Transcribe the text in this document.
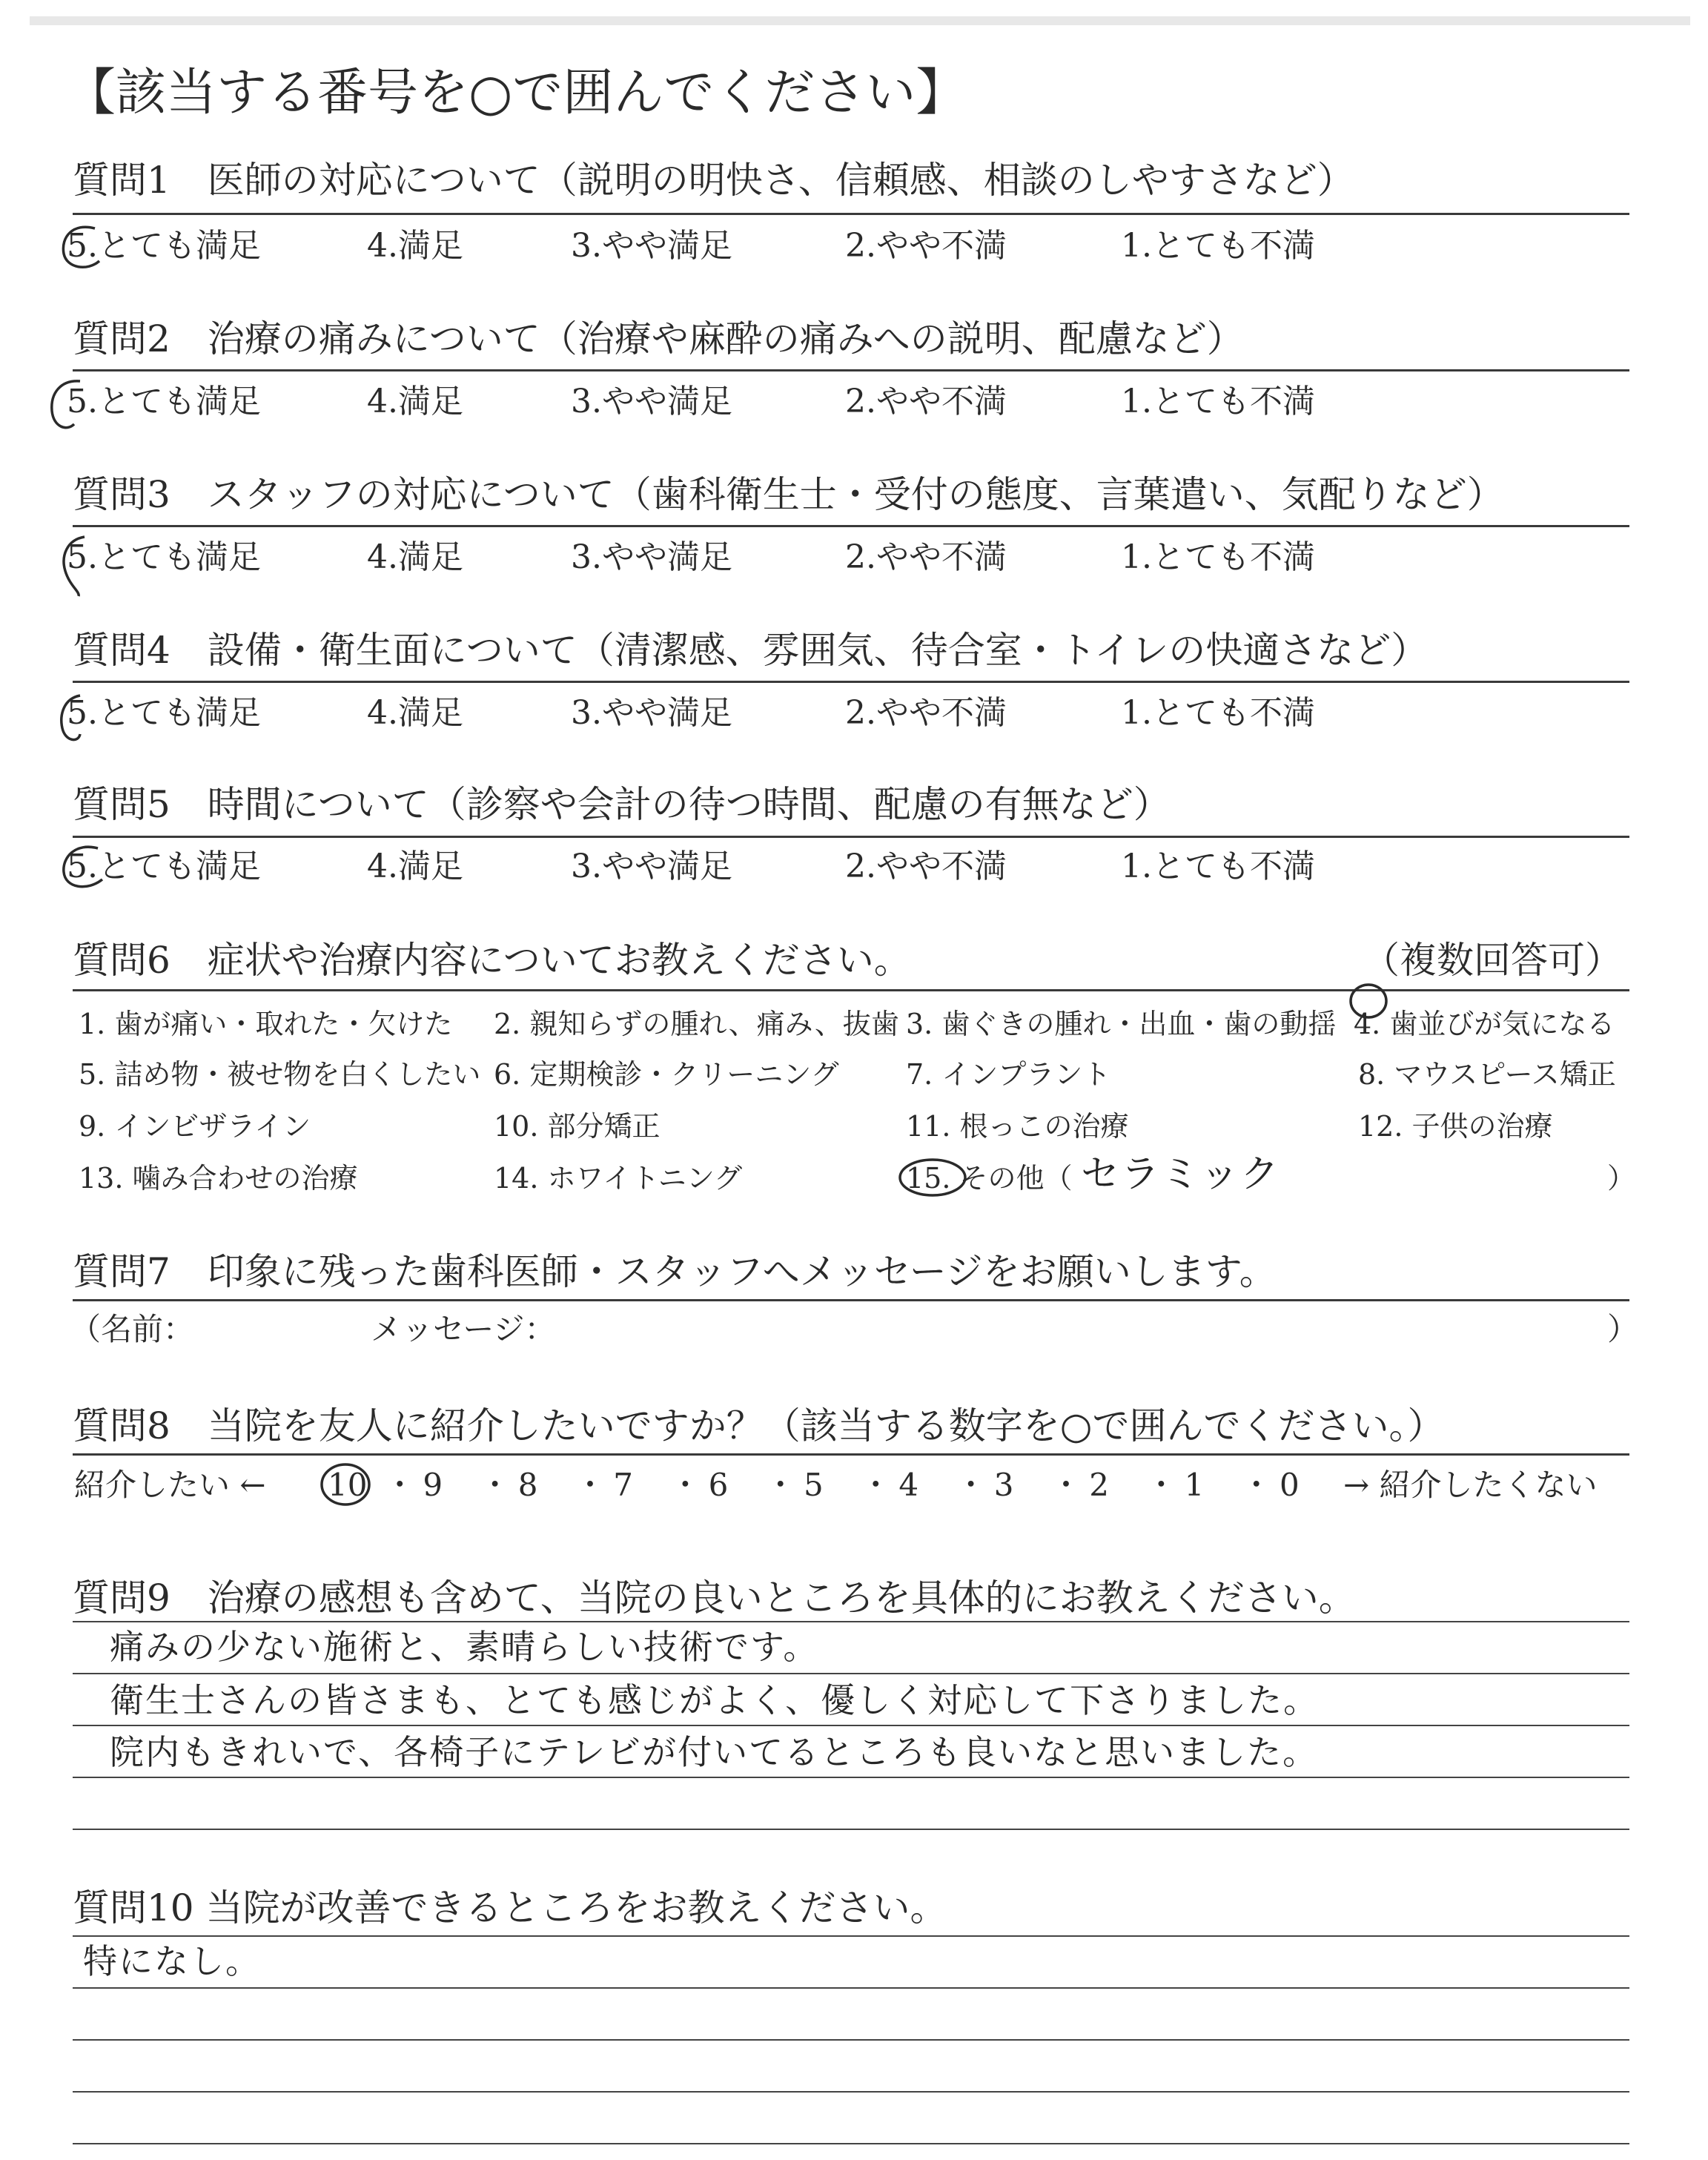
【該当する番号を○で囲んでください】
質問1　医師の対応について（説明の明快さ、信頼感、相談のしやすさなど）
5.とても満足	4.満足	3.やや満足	2.やや不満	1.とても不満
質問2　治療の痛みについて（治療や麻酔の痛みへの説明、配慮など）
5.とても満足	4.満足	3.やや満足	2.やや不満	1.とても不満
質問3　スタッフの対応について（歯科衛生士・受付の態度、言葉遣い、気配りなど）
5.とても満足	4.満足	3.やや満足	2.やや不満	1.とても不満
質問4　設備・衛生面について（清潔感、雰囲気、待合室・トイレの快適さなど）
5.とても満足	4.満足	3.やや満足	2.やや不満	1.とても不満
質問5　時間について（診察や会計の待つ時間、配慮の有無など）
5.とても満足	4.満足	3.やや満足	2.やや不満	1.とても不満
質問6　症状や治療内容についてお教えください。	（複数回答可）
1. 歯が痛い・取れた・欠けた 2. 親知らずの腫れ、痛み、抜歯 3. 歯ぐきの腫れ・出血・歯の動揺 4. 歯並びが気になる
5. 詰め物・被せ物を白くしたい 6. 定期検診・クリーニング 7. インプラント	8. マウスピース矯正
9. インビザライン	10. 部分矯正	11. 根っこの治療	12. 子供の治療
13. 噛み合わせの治療	14. ホワイトニング	15. その他（ セラミック	）
質問7　印象に残った歯科医師・スタッフへメッセージをお願いします。
（名前：	メッセージ：	）
質問8　当院を友人に紹介したいですか？（該当する数字を○で囲んでください。）
紹介したい ← 10 ・ 9 ・ 8 ・ 7 ・ 6 ・ 5 ・ 4 ・ 3 ・ 2 ・ 1 ・ 0 → 紹介したくない
質問9　治療の感想も含めて、当院の良いところを具体的にお教えください。
痛みの少ない施術と、素晴らしい技術です。
衛生士さんの皆さまも、とても感じがよく、優しく対応して下さりました。
院内もきれいで、各椅子にテレビが付いてるところも良いなと思いました。
質問10 当院が改善できるところをお教えください。
特になし。
